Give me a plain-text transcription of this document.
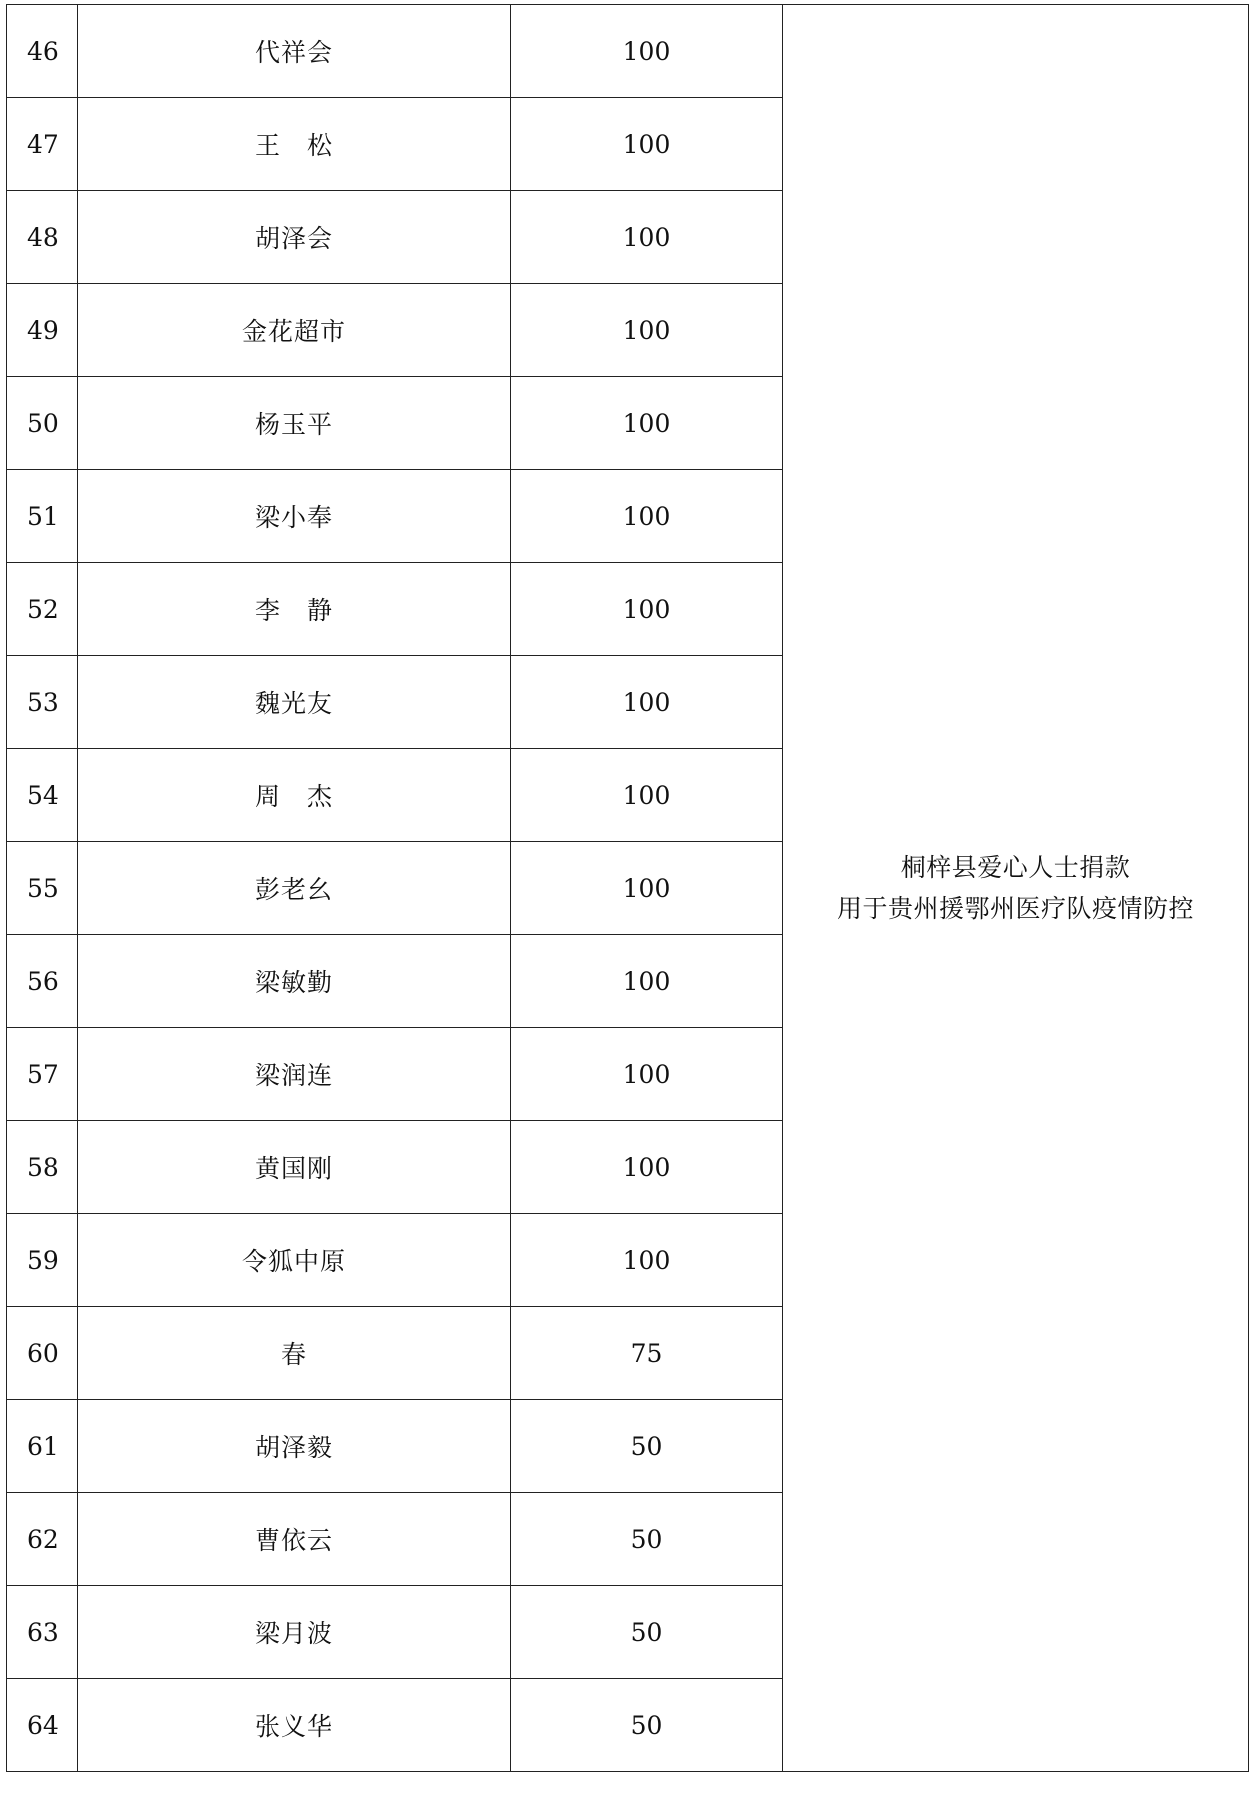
46	代祥会	100	桐梓县爱心人士捐款
用于贵州援鄂州医疗队疫情防控

47	王　松	100	
48	胡泽会	100	
49	金花超市	100	
50	杨玉平	100	
51	梁小奉	100	
52	李　静	100	
53	魏光友	100	
54	周　杰	100	
55	彭老幺	100	
56	梁敏勤	100	
57	梁润连	100	
58	黄国刚	100	
59	令狐中原	100	
60	春	75	
61	胡泽毅	50	
62	曹依云	50	
63	梁月波	50	
64	张义华	50	
